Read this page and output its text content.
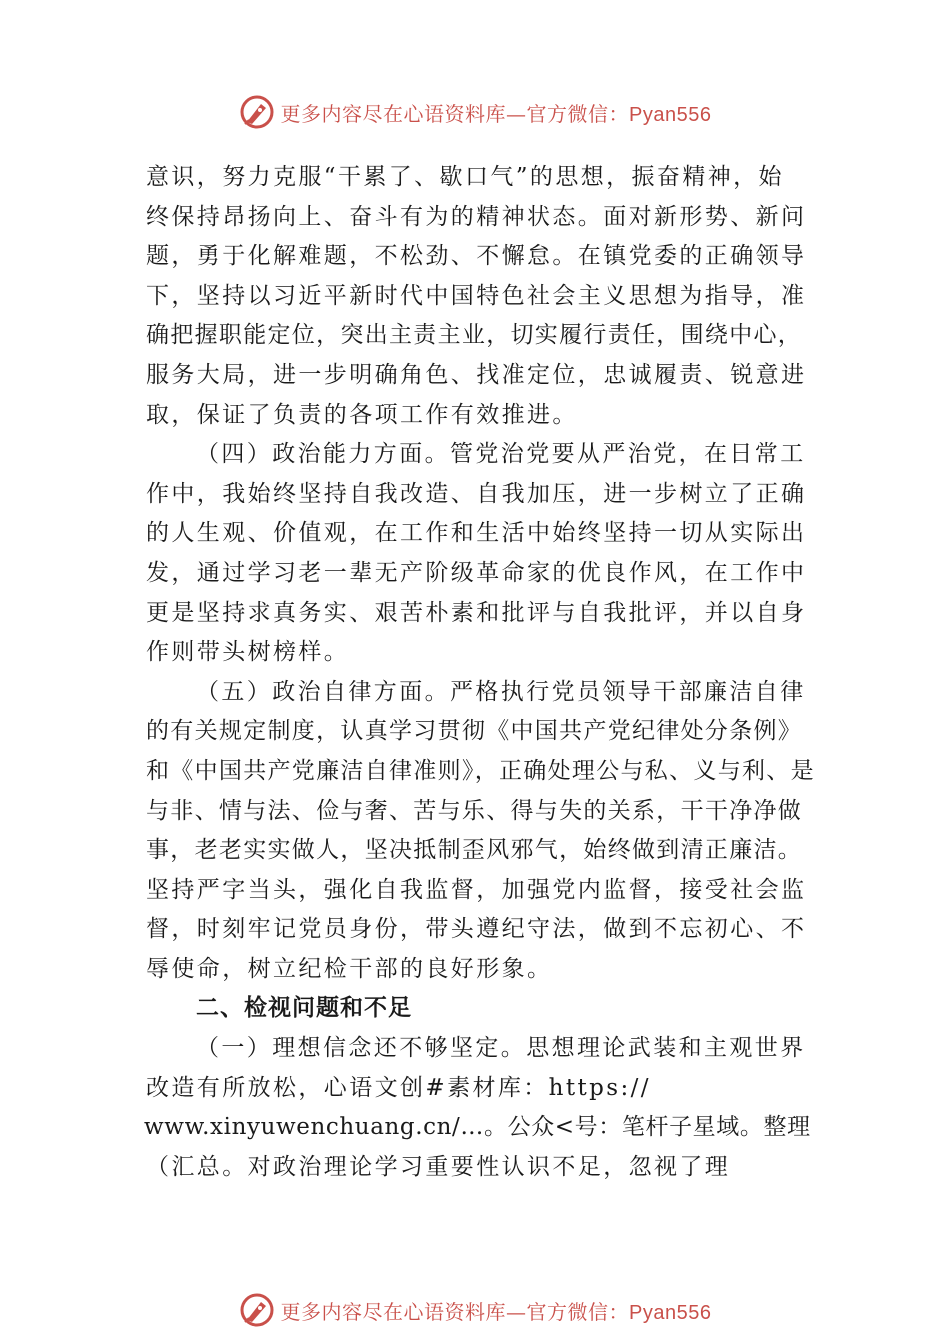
更多内容尽在心语资料库—官方微信：Pyan556
意识，努力克服“干累了、歇口气”的思想，振奋精神，始
终保持昂扬向上、奋斗有为的精神状态。面对新形势、新问
题，勇于化解难题，不松劲、不懈怠。在镇党委的正确领导
下，坚持以习近平新时代中国特色社会主义思想为指导，准
确把握职能定位，突出主责主业，切实履行责任，围绕中心，
服务大局，进一步明确角色、找准定位，忠诚履责、锐意进
取，保证了负责的各项工作有效推进。
（四）政治能力方面。管党治党要从严治党，在日常工
作中，我始终坚持自我改造、自我加压，进一步树立了正确
的人生观、价值观，在工作和生活中始终坚持一切从实际出
发，通过学习老一辈无产阶级革命家的优良作风，在工作中
更是坚持求真务实、艰苦朴素和批评与自我批评，并以自身
作则带头树榜样。
（五）政治自律方面。严格执行党员领导干部廉洁自律
的有关规定制度，认真学习贯彻《中国共产党纪律处分条例》
和《中国共产党廉洁自律准则》，正确处理公与私、义与利、是
与非、情与法、俭与奢、苦与乐、得与失的关系，干干净净做
事，老老实实做人，坚决抵制歪风邪气，始终做到清正廉洁。
坚持严字当头，强化自我监督，加强党内监督，接受社会监
督，时刻牢记党员身份，带头遵纪守法，做到不忘初心、不
辱使命，树立纪检干部的良好形象。
二、检视问题和不足
（一）理想信念还不够坚定。思想理论武装和主观世界
改造有所放松，心语文创#素材库：https://
www.xinyuwenchuang.cn/…。公众<号：笔杆子星域。整理
（汇总。对政治理论学习重要性认识不足，忽视了理
更多内容尽在心语资料库—官方微信：Pyan556
